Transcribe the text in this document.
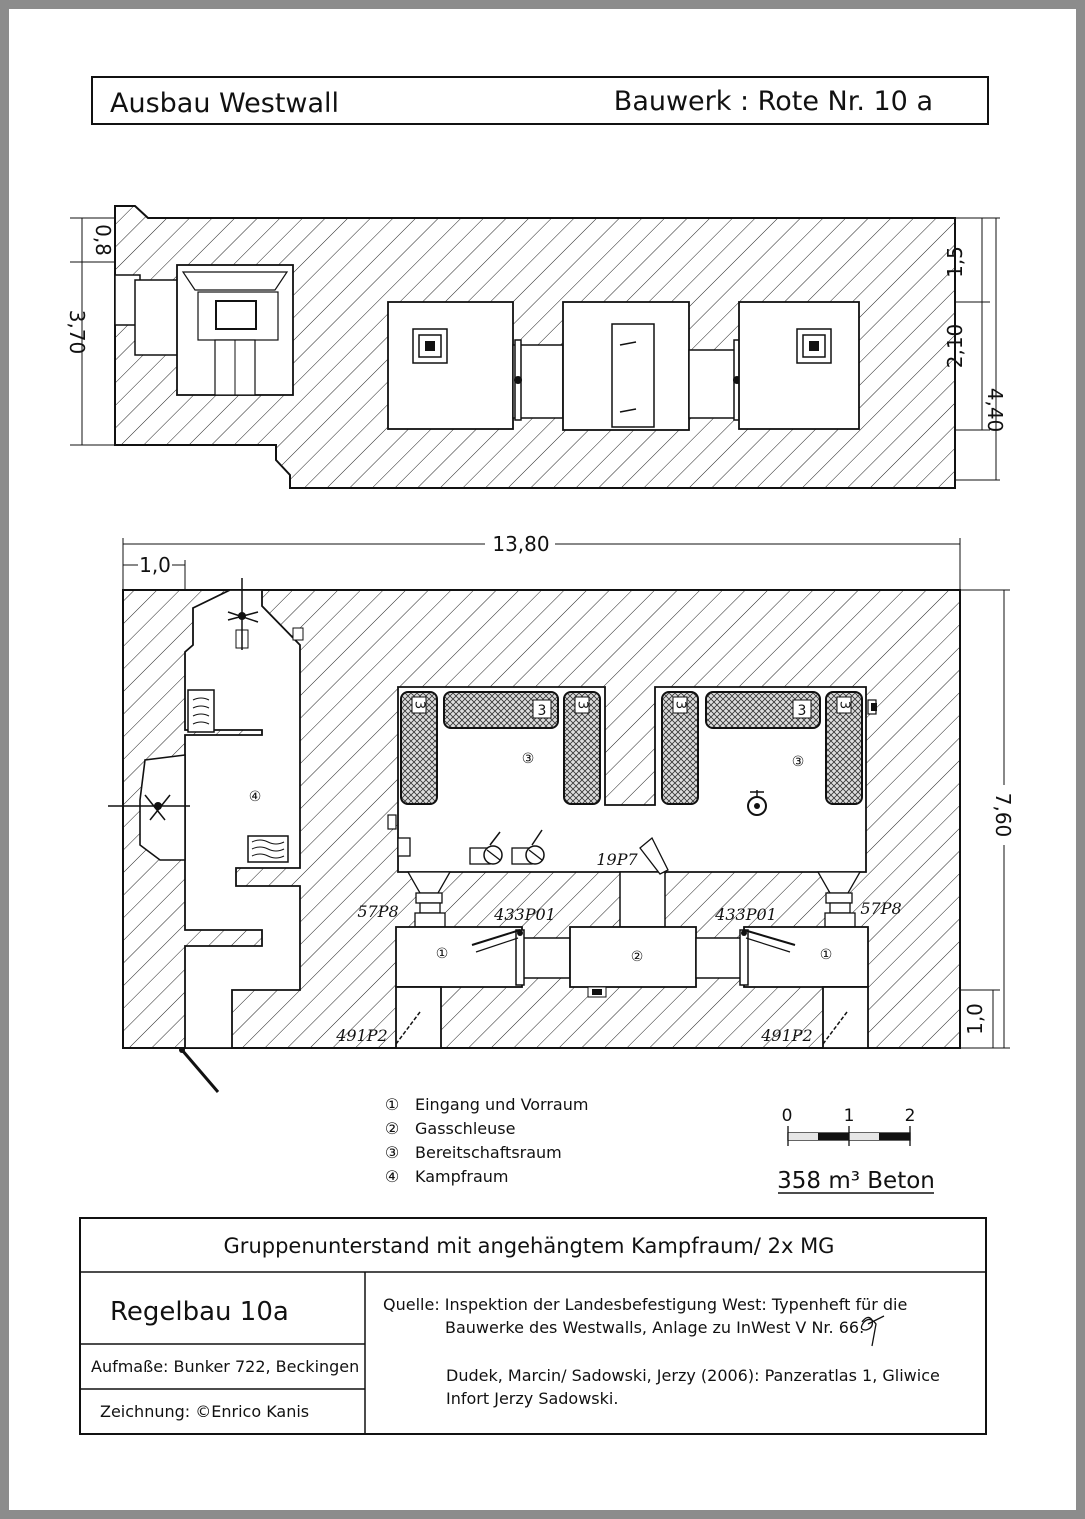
Ausbau Westwall	Bauwerk : Rote Nr. 10 a
0,8
3,70
1,5
2,10
4,40
13,80
1,0
7,60
1,0
④
3	3 3	3	3 3
③	③
19P7
57P8	57P8
①	②	①
433P01	433P01
491P2	491P2
① Eingang und Vorraum
② Gasschleuse
③ Bereitschaftsraum
④ Kampfraum
0	1	2
358 m³ Beton
Gruppenunterstand mit angehängtem Kampfraum/ 2x MG
Regelbau 10a
Aufmaße: Bunker 722, Beckingen
Zeichnung: ©Enrico Kanis
Quelle: Inspektion der Landesbefestigung West: Typenheft für die
Bauwerke des Westwalls, Anlage zu InWest V Nr. 66.
Dudek, Marcin/ Sadowski, Jerzy (2006): Panzeratlas 1, Gliwice
Infort Jerzy Sadowski.
